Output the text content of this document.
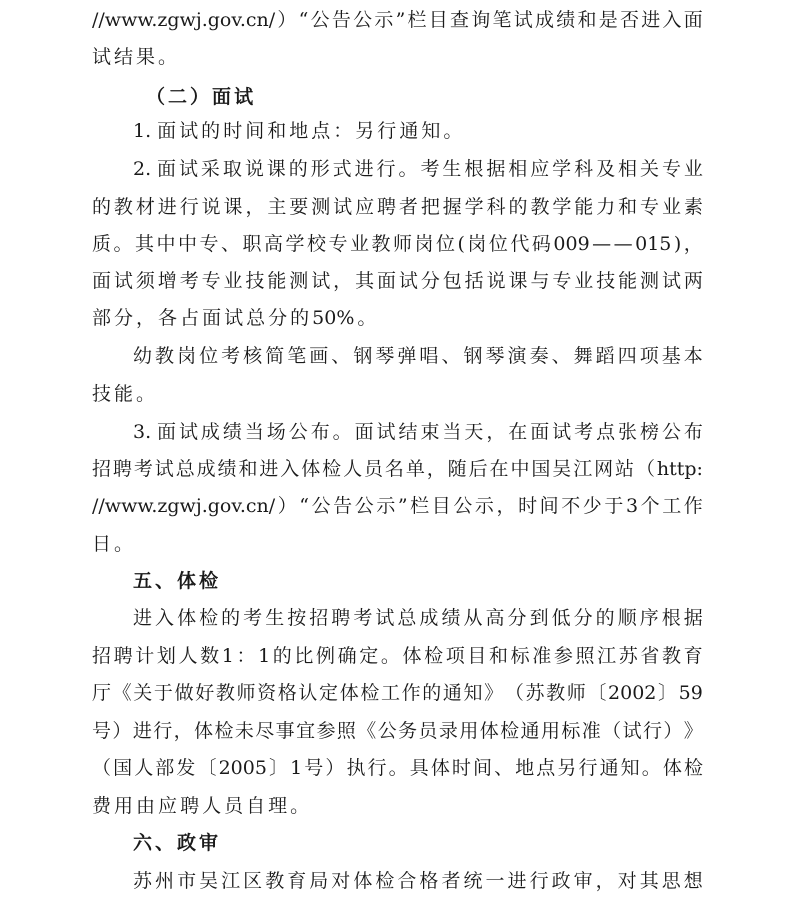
//www.zgwj.gov.cn/ ） “ 公 告 公 示 ” 栏 目 查 询 笔 试 成 绩 和 是 否 进 入 面
试 结 果 。
（ 二 ） 面 试
1. 面 试 的 时 间 和 地 点 ： 另 行 通 知 。
2. 面 试 采 取 说 课 的 形 式 进 行 。 考 生 根 据 相 应 学 科 及 相 关 专 业
的 教 材 进 行 说 课 ， 主 要 测 试 应 聘 者 把 握 学 科 的 教 学 能 力 和 专 业 素
质 。 其 中 中 专 、 职 高 学 校 专 业 教 师 岗 位 ( 岗 位 代 码 009 — — 015 ) ，
面 试 须 增 考 专 业 技 能 测 试 ， 其 面 试 分 包 括 说 课 与 专 业 技 能 测 试 两
部 分 ， 各 占 面 试 总 分 的 50% 。
幼 教 岗 位 考 核 简 笔 画 、 钢 琴 弹 唱 、 钢 琴 演 奏 、 舞 蹈 四 项 基 本
技 能 。
3. 面 试 成 绩 当 场 公 布 。 面 试 结 束 当 天 ， 在 面 试 考 点 张 榜 公 布
招 聘 考 试 总 成 绩 和 进 入 体 检 人 员 名 单 ， 随 后 在 中 国 吴 江 网 站 （ http:
//www.zgwj.gov.cn/ ） “ 公 告 公 示 ” 栏 目 公 示 ， 时 间 不 少 于 3 个 工 作
日 。
五 、 体 检
进 入 体 检 的 考 生 按 招 聘 考 试 总 成 绩 从 高 分 到 低 分 的 顺 序 根 据
招 聘 计 划 人 数 1 ： 1 的 比 例 确 定 。 体 检 项 目 和 标 准 参 照 江 苏 省 教 育
厅 《 关 于 做 好 教 师 资 格 认 定 体 检 工 作 的 通 知 》 （ 苏 教 师 〔 2002 〕 59
号 ） 进 行 ， 体 检 未 尽 事 宜 参 照 《 公 务 员 录 用 体 检 通 用 标 准 （ 试 行 ） 》
（ 国 人 部 发 〔 2005 〕 1 号 ） 执 行 。 具 体 时 间 、 地 点 另 行 通 知 。 体 检
费 用 由 应 聘 人 员 自 理 。
六 、 政 审
苏 州 市 吴 江 区 教 育 局 对 体 检 合 格 者 统 一 进 行 政 审 ， 对 其 思 想
